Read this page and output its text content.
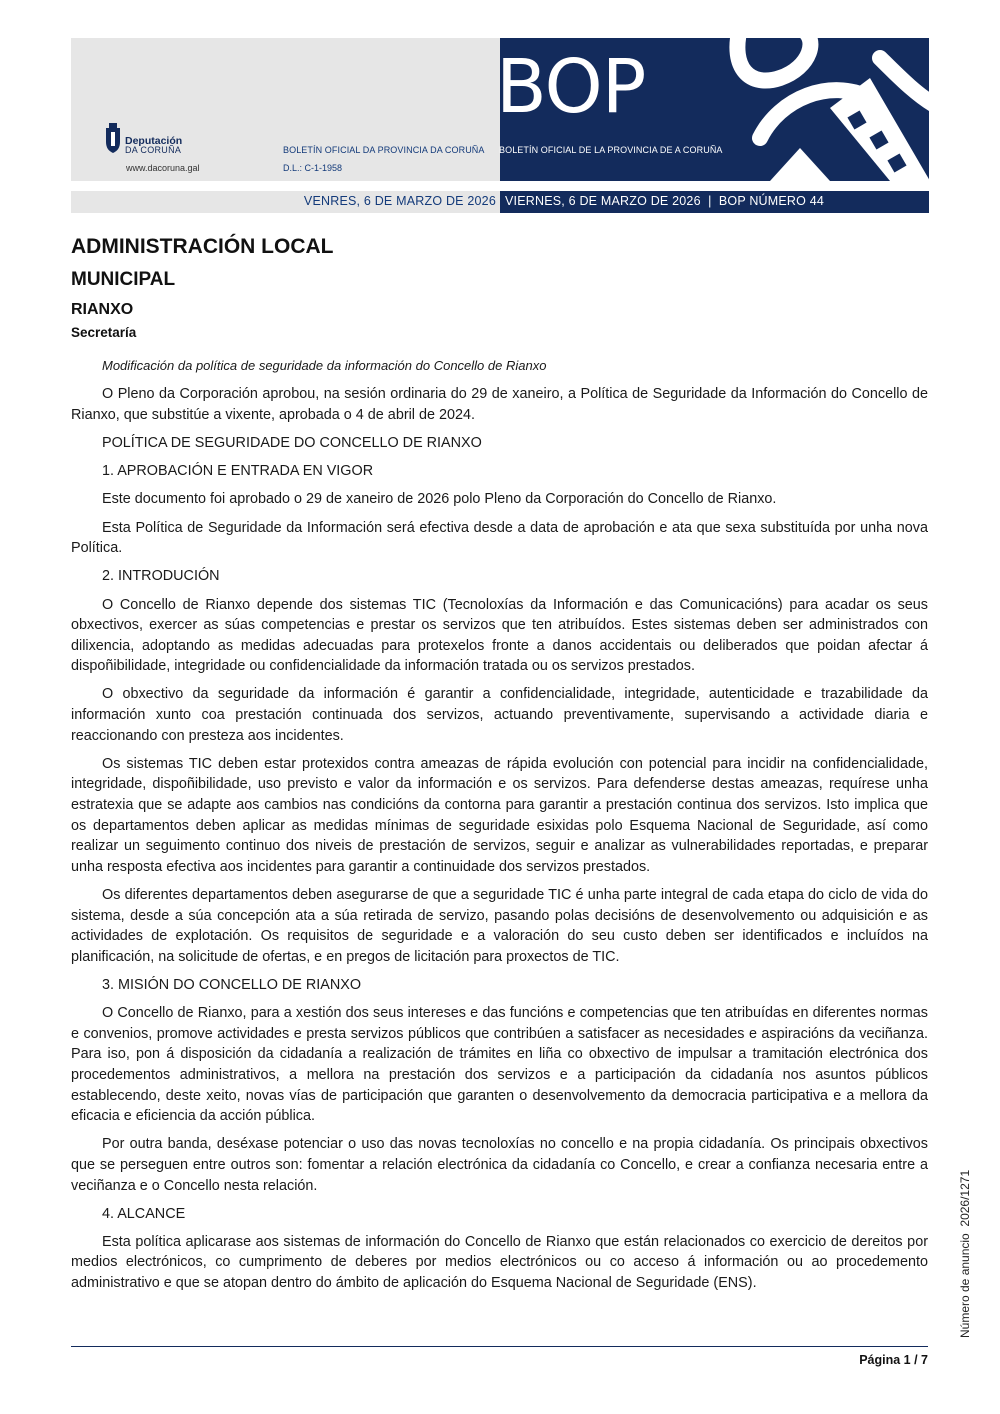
BOP
Deputación
DA CORUÑA
www.dacoruna.gal
BOLETÍN OFICIAL DA PROVINCIA DA CORUÑA BOLETÍN OFICIAL DE LA PROVINCIA DE A CORUÑA
D.L.: C-1-1958
VENRES, 6 DE MARZO DE 2026 VIERNES, 6 DE MARZO DE 2026  |  BOP NÚMERO 44
ADMINISTRACIÓN LOCAL
MUNICIPAL
RIANXO
Secretaría

Modificación da política de seguridade da información do Concello de Rianxo

O Pleno da Corporación aprobou, na sesión ordinaria do 29 de xaneiro, a Política de Seguridade da Información do Concello de Rianxo, que substitúe a vixente, aprobada o 4 de abril de 2024.

POLÍTICA DE SEGURIDADE DO CONCELLO DE RIANXO

1. APROBACIÓN E ENTRADA EN VIGOR

Este documento foi aprobado o 29 de xaneiro de 2026 polo Pleno da Corporación do Concello de Rianxo.

Esta Política de Seguridade da Información será efectiva desde a data de aprobación e ata que sexa substituída por unha nova Política.

2. INTRODUCIÓN

O Concello de Rianxo depende dos sistemas TIC (Tecnoloxías da Información e das Comunicacións) para acadar os seus obxectivos, exercer as súas competencias e prestar os servizos que ten atribuídos. Estes sistemas deben ser administrados con dilixencia, adoptando as medidas adecuadas para protexelos fronte a danos accidentais ou deliberados que poidan afectar á dispoñibilidade, integridade ou confidencialidade da información tratada ou os servizos prestados.

O obxectivo da seguridade da información é garantir a confidencialidade, integridade, autenticidade e trazabilidade da información xunto coa prestación continuada dos servizos, actuando preventivamente, supervisando a actividade diaria e reaccionando con presteza aos incidentes.

Os sistemas TIC deben estar protexidos contra ameazas de rápida evolución con potencial para incidir na confidencialidade, integridade, dispoñibilidade, uso previsto e valor da información e os servizos. Para defenderse destas ameazas, requírese unha estratexia que se adapte aos cambios nas condicións da contorna para garantir a prestación continua dos servizos. Isto implica que os departamentos deben aplicar as medidas mínimas de seguridade esixidas polo Esquema Nacional de Seguridade, así como realizar un seguimento continuo dos niveis de prestación de servizos, seguir e analizar as vulnerabilidades reportadas, e preparar unha resposta efectiva aos incidentes para garantir a continuidade dos servizos prestados.

Os diferentes departamentos deben asegurarse de que a seguridade TIC é unha parte integral de cada etapa do ciclo de vida do sistema, desde a súa concepción ata a súa retirada de servizo, pasando polas decisións de desenvolvemento ou adquisición e as actividades de explotación. Os requisitos de seguridade e a valoración do seu custo deben ser identificados e incluídos na planificación, na solicitude de ofertas, e en pregos de licitación para proxectos de TIC.

3. MISIÓN DO CONCELLO DE RIANXO

O Concello de Rianxo, para a xestión dos seus intereses e das funcións e competencias que ten atribuídas en diferentes normas e convenios, promove actividades e presta servizos públicos que contribúen a satisfacer as necesidades e aspiracións da veciñanza. Para iso, pon á disposición da cidadanía a realización de trámites en liña co obxectivo de impulsar a tramitación electrónica dos procedementos administrativos, a mellora na prestación dos servizos e a participación da cidadanía nos asuntos públicos establecendo, deste xeito, novas vías de participación que garanten o desenvolvemento da democracia participativa e a mellora da eficacia e eficiencia da acción pública.

Por outra banda, deséxase potenciar o uso das novas tecnoloxías no concello e na propia cidadanía. Os principais obxectivos que se perseguen entre outros son: fomentar a relación electrónica da cidadanía co Concello, e crear a confianza necesaria entre a veciñanza e o Concello nesta relación.

4. ALCANCE

Esta política aplicarase aos sistemas de información do Concello de Rianxo que están relacionados co exercicio de dereitos por medios electrónicos, co cumprimento de deberes por medios electrónicos ou co acceso á información ou ao procedemento administrativo e que se atopan dentro do ámbito de aplicación do Esquema Nacional de Seguridade (ENS).

Página 1 / 7
Número de anuncio  2026/1271
